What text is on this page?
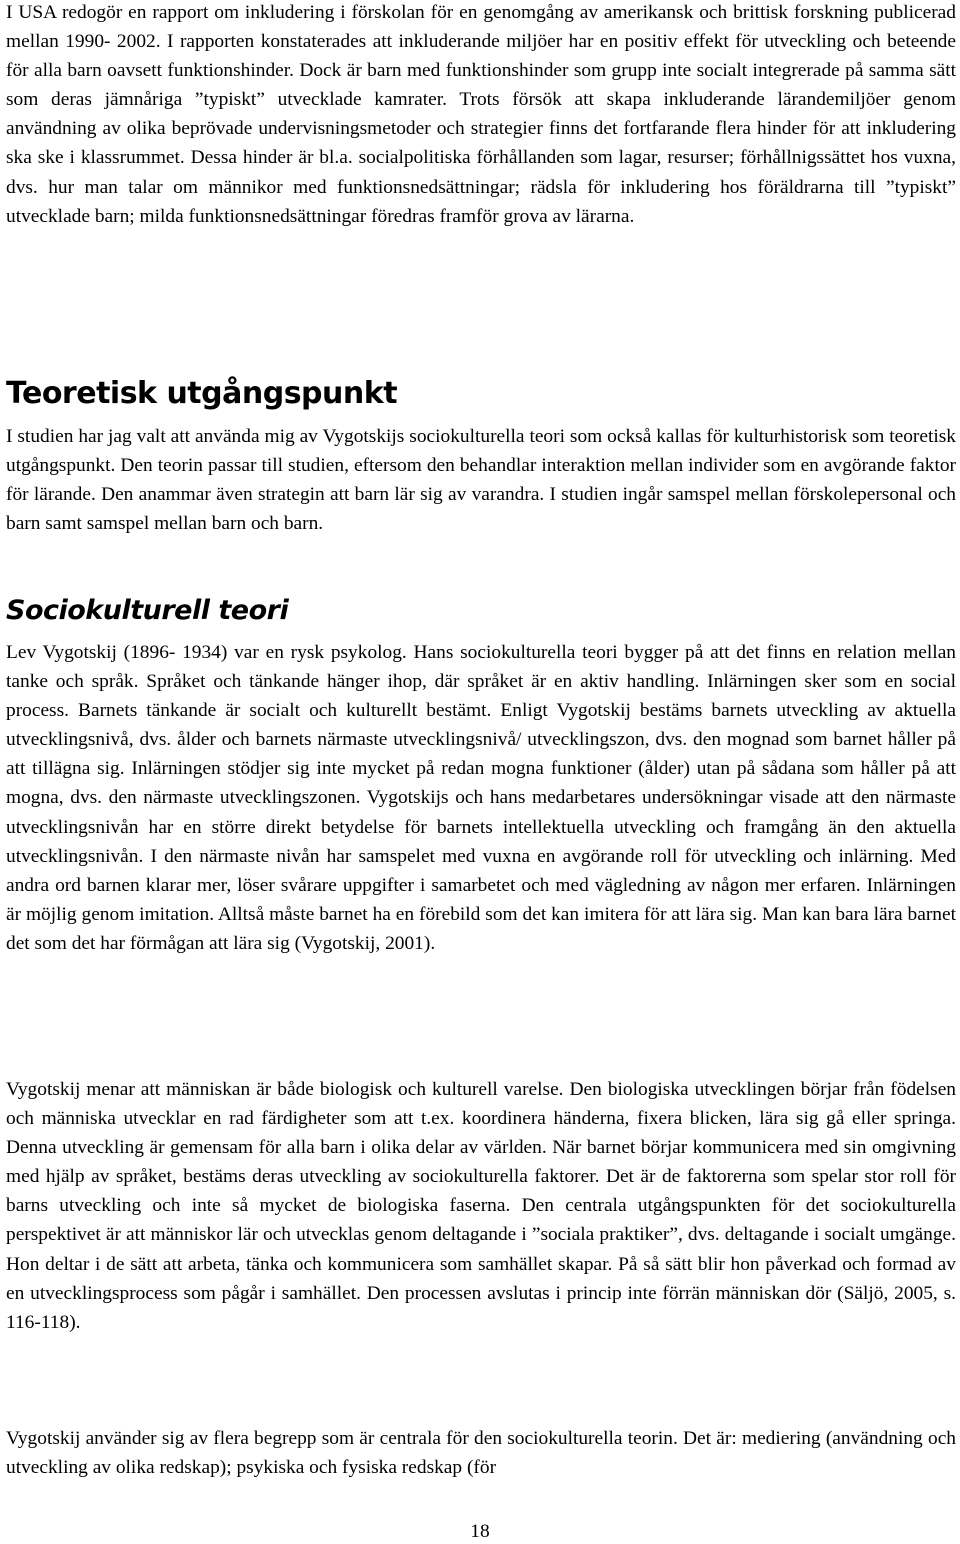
I USA redogör en rapport om inkludering i förskolan för en genomgång av amerikansk och brittisk forskning publicerad mellan 1990- 2002. I rapporten konstaterades att inkluderande miljöer har en positiv effekt för utveckling och beteende för alla barn oavsett funktionshinder. Dock är barn med funktionshinder som grupp inte socialt integrerade på samma sätt som deras jämnåriga ”typiskt” utvecklade kamrater. Trots försök att skapa inkluderande lärandemiljöer genom användning av olika beprövade undervisningsmetoder och strategier finns det fortfarande flera hinder för att inkludering ska ske i klassrummet. Dessa hinder är bl.a. socialpolitiska förhållanden som lagar, resurser; förhållnigssättet hos vuxna, dvs. hur man talar om männikor med funktionsnedsättningar; rädsla för inkludering hos föräldrarna till ”typiskt” utvecklade barn; milda funktionsnedsättningar föredras framför grova av lärarna.

Teoretisk utgångspunkt

I studien har jag valt att använda mig av Vygotskijs sociokulturella teori som också kallas för kulturhistorisk som teoretisk utgångspunkt. Den teorin passar till studien, eftersom den behandlar interaktion mellan individer som en avgörande faktor för lärande. Den anammar även strategin att barn lär sig av varandra. I studien ingår samspel mellan förskolepersonal och barn samt samspel mellan barn och barn.

Sociokulturell teori

Lev Vygotskij (1896- 1934) var en rysk psykolog. Hans sociokulturella teori bygger på att det finns en relation mellan tanke och språk. Språket och tänkande hänger ihop, där språket är en aktiv handling. Inlärningen sker som en social process. Barnets tänkande är socialt och kulturellt bestämt. Enligt Vygotskij bestäms barnets utveckling av aktuella utvecklingsnivå, dvs. ålder och barnets närmaste utvecklingsnivå/ utvecklingszon, dvs. den mognad som barnet håller på att tillägna sig. Inlärningen stödjer sig inte mycket på redan mogna funktioner (ålder) utan på sådana som håller på att mogna, dvs. den närmaste utvecklingszonen. Vygotskijs och hans medarbetares undersökningar visade att den närmaste utvecklingsnivån har en större direkt betydelse för barnets intellektuella utveckling och framgång än den aktuella utvecklingsnivån. I den närmaste nivån har samspelet med vuxna en avgörande roll för utveckling och inlärning. Med andra ord barnen klarar mer, löser svårare uppgifter i samarbetet och med vägledning av någon mer erfaren. Inlärningen är möjlig genom imitation. Alltså måste barnet ha en förebild som det kan imitera för att lära sig. Man kan bara lära barnet det som det har förmågan att lära sig (Vygotskij, 2001).

Vygotskij menar att människan är både biologisk och kulturell varelse. Den biologiska utvecklingen börjar från födelsen och människa utvecklar en rad färdigheter som att t.ex. koordinera händerna, fixera blicken, lära sig gå eller springa. Denna utveckling är gemensam för alla barn i olika delar av världen. När barnet börjar kommunicera med sin omgivning med hjälp av språket, bestäms deras utveckling av sociokulturella faktorer. Det är de faktorerna som spelar stor roll för barns utveckling och inte så mycket de biologiska faserna. Den centrala utgångspunkten för det sociokulturella perspektivet är att människor lär och utvecklas genom deltagande i ”sociala praktiker”, dvs. deltagande i socialt umgänge. Hon deltar i de sätt att arbeta, tänka och kommunicera som samhället skapar. På så sätt blir hon påverkad och formad av en utvecklingsprocess som pågår i samhället. Den processen avslutas i princip inte förrän människan dör (Säljö, 2005, s. 116-118).

Vygotskij använder sig av flera begrepp som är centrala för den sociokulturella teorin. Det är: mediering (användning och utveckling av olika redskap); psykiska och fysiska redskap (för

18
